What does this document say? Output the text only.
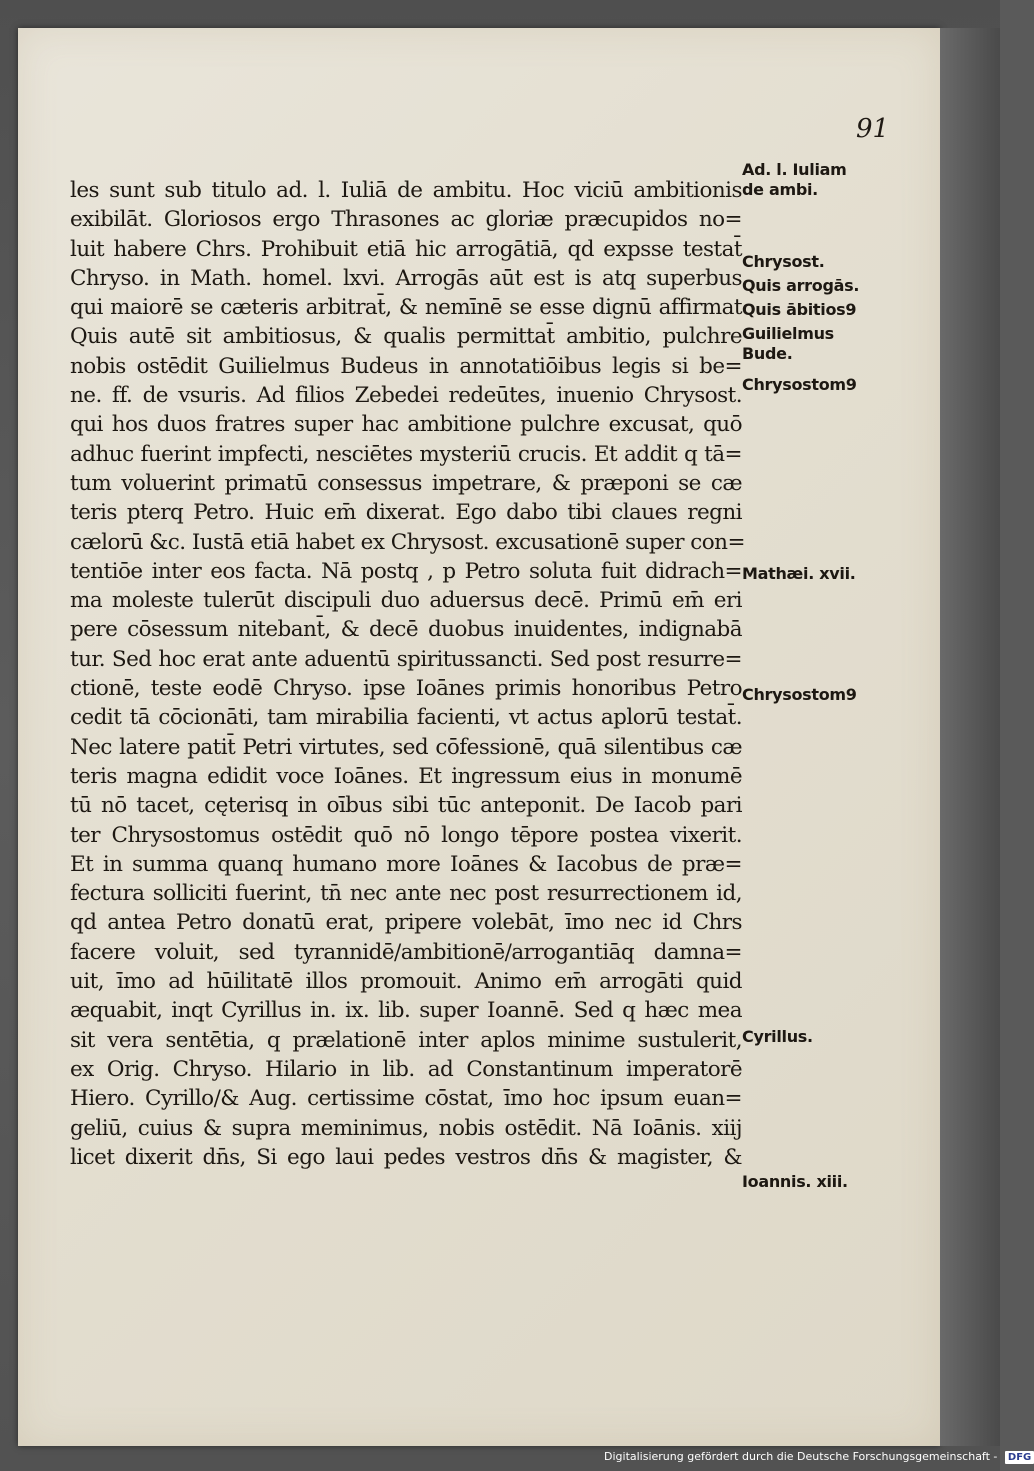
91
les sunt sub titulo ad. l. Iuliā de ambitu. Hoc viciū ambitionis
exibilāt. Gloriosos ergo Thrasones ac gloriæ præcupidos no=
luit habere Chrs. Prohibuit etiā hic arrogātiā, qd expsse testat̄
Chryso. in Math. homel. lxvi. Arrogās aūt est is atq superbus
qui maiorē se cæteris arbitrat̄, & nemīnē se esse dignū affirmat
Quis autē sit ambitiosus, & qualis permittat̄ ambitio, pulchre
nobis ostēdit Guilielmus Budeus in annotatiōibus legis si be=
ne. ff. de vsuris. Ad filios Zebedei redeūtes, inuenio Chrysost.
qui hos duos fratres super hac ambitione pulchre excusat, quō
adhuc fuerint impfecti, nesciētes mysteriū crucis. Et addit q tā=
tum voluerint primatū consessus impetrare, & præponi se cæ
teris pterq Petro. Huic em̄ dixerat. Ego dabo tibi claues regni
cælorū &c. Iustā etiā habet ex Chrysost. excusationē super con=
tentiōe inter eos facta. Nā postq , p Petro soluta fuit didrach=
ma moleste tulerūt discipuli duo aduersus decē. Primū em̄ eri
pere cōsessum nitebant̄, & decē duobus inuidentes, indignabā
tur. Sed hoc erat ante aduentū spiritussancti. Sed post resurre=
ctionē, teste eodē Chryso. ipse Ioānes primis honoribus Petro
cedit tā cōcionāti, tam mirabilia facienti, vt actus aplorū testat̄.
Nec latere patit̄ Petri virtutes, sed cōfessionē, quā silentibus cæ
teris magna edidit voce Ioānes. Et ingressum eius in monumē
tū nō tacet, cęterisq in oībus sibi tūc anteponit. De Iacob pari
ter Chrysostomus ostēdit quō nō longo tēpore postea vixerit.
Et in summa quanq humano more Ioānes & Iacobus de præ=
fectura solliciti fuerint, tn̄ nec ante nec post resurrectionem id,
qd antea Petro donatū erat, pripere volebāt, īmo nec id Chrs
facere voluit, sed tyrannidē/ambitionē/arrogantiāq damna=
uit, īmo ad hūilitatē illos promouit. Animo em̄ arrogāti quid
æquabit, inqt Cyrillus in. ix. lib. super Ioannē. Sed q hæc mea
sit vera sentētia, q prælationē inter aplos minime sustulerit,
ex Orig. Chryso. Hilario in lib. ad Constantinum imperatorē
Hiero. Cyrillo/& Aug. certissime cōstat, īmo hoc ipsum euan=
geliū, cuius & supra meminimus, nobis ostēdit. Nā Ioānis. xiij
licet dixerit dn̄s, Si ego laui pedes vestros dn̄s & magister, &
Ad. l. Iuliam
de ambi.
Chrysost.
Quis arrogās.
Quis ābitios9
Guilielmus
Bude.
Chrysostom9
Mathæi. xvii.
Chrysostom9
Cyrillus.
Ioannis. xiii.
Digitalisierung gefördert durch die Deutsche Forschungsgemeinschaft - DFG
